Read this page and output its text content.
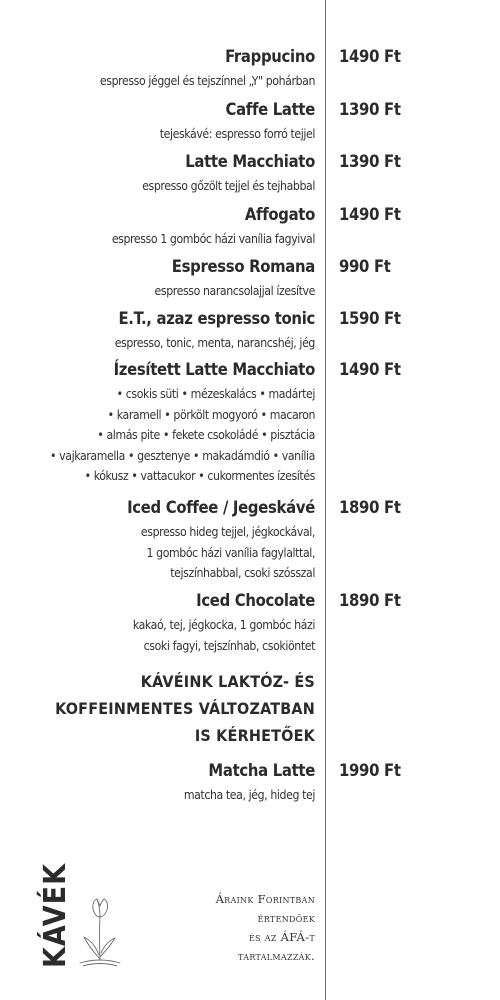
Frappucino 1490 Ft
espresso jéggel és tejszínnel „Y" pohárban
Caffe Latte 1390 Ft
tejeskávé: espresso forró tejjel
Latte Macchiato 1390 Ft
espresso gőzölt tejjel és tejhabbal
Affogato 1490 Ft
espresso 1 gombóc házi vanília fagyival
Espresso Romana 990 Ft
espresso narancsolajjal ízesítve
E.T., azaz espresso tonic 1590 Ft
espresso, tonic, menta, narancshéj, jég
Ízesített Latte Macchiato 1490 Ft
• csokis süti • mézeskalács • madártej
• karamell • pörkölt mogyoró • macaron
• almás pite • fekete csokoládé • pisztácia
• vajkaramella • gesztenye • makadámdió • vanília
• kókusz • vattacukor • cukormentes ízesítés
Iced Coffee / Jegeskávé 1890 Ft
espresso hideg tejjel, jégkockával,
1 gombóc házi vanília fagylalttal,
tejszínhabbal, csoki szósszal
Iced Chocolate 1890 Ft
kakaó, tej, jégkocka, 1 gombóc házi
csoki fagyi, tejszínhab, csokiöntet
Matcha Latte 1990 Ft
matcha tea, jég, hideg tej
KÁVÉINK LAKTÓZ- ÉS
KOFFEINMENTES VÁLTOZATBAN
IS KÉRHETŐEK
KÁVÉK	Áraink Forintban
értendőek
és az ÁFÁ-t
tartalmazzák.
